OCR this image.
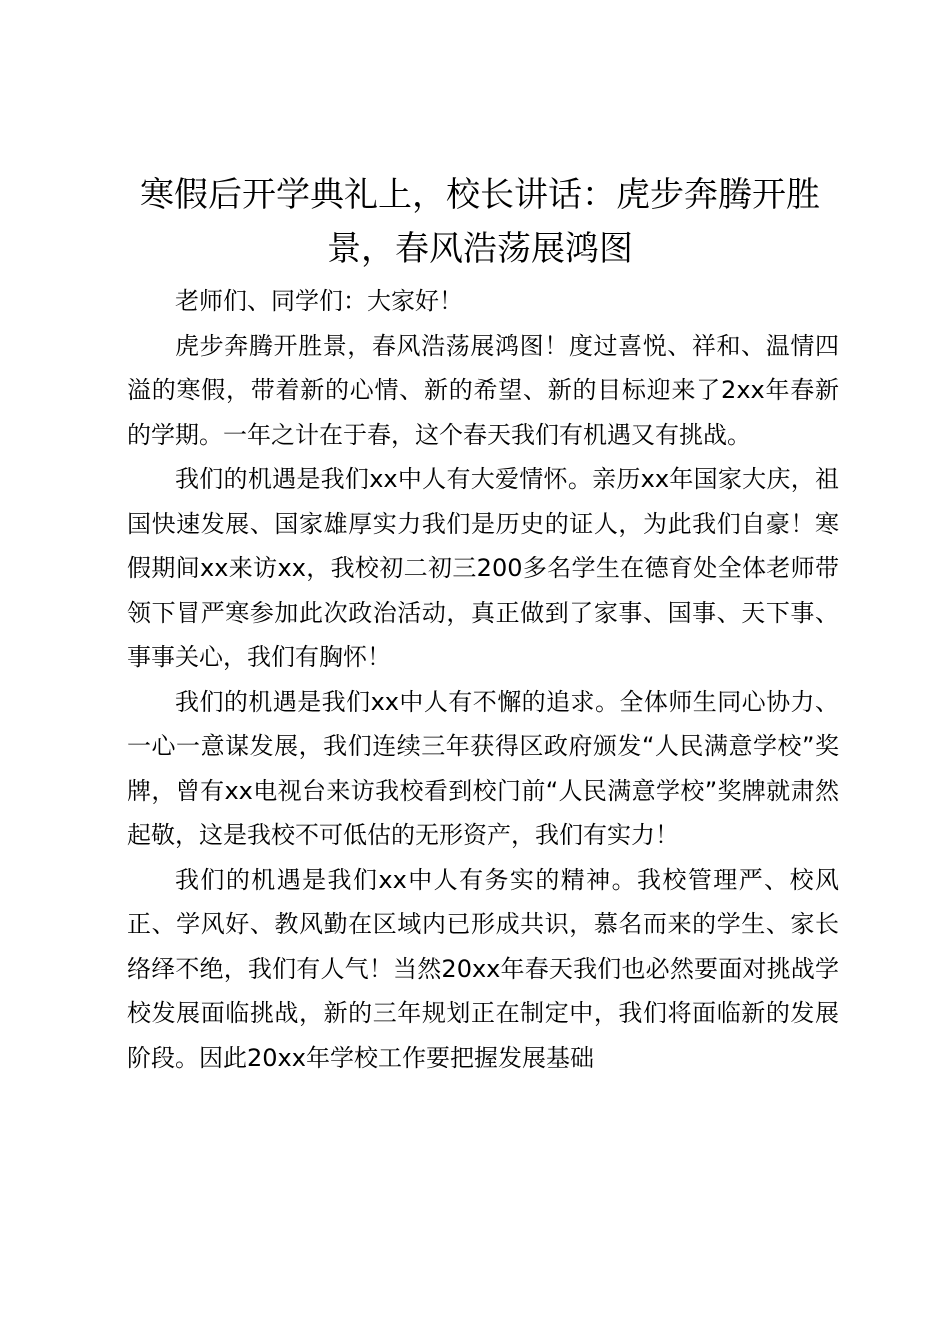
寒假后开学典礼上，校长讲话：虎步奔腾开胜景，春风浩荡展鸿图

老师们、同学们：大家好！

虎步奔腾开胜景，春风浩荡展鸿图！度过喜悦、祥和、温情四溢的寒假，带着新的心情、新的希望、新的目标迎来了2xx年春新的学期。一年之计在于春，这个春天我们有机遇又有挑战。

我们的机遇是我们xx中人有大爱情怀。亲历xx年国家大庆，祖国快速发展、国家雄厚实力我们是历史的证人，为此我们自豪！寒假期间xx来访xx，我校初二初三200多名学生在德育处全体老师带领下冒严寒参加此次政治活动，真正做到了家事、国事、天下事、事事关心，我们有胸怀！

我们的机遇是我们xx中人有不懈的追求。全体师生同心协力、一心一意谋发展，我们连续三年获得区政府颁发“人民满意学校”奖牌，曾有xx电视台来访我校看到校门前“人民满意学校”奖牌就肃然起敬，这是我校不可低估的无形资产，我们有实力！

我们的机遇是我们xx中人有务实的精神。我校管理严、校风正、学风好、教风勤在区域内已形成共识，慕名而来的学生、家长络绎不绝，我们有人气！当然20xx年春天我们也必然要面对挑战学校发展面临挑战，新的三年规划正在制定中，我们将面临新的发展阶段。因此20xx年学校工作要把握发展基础
